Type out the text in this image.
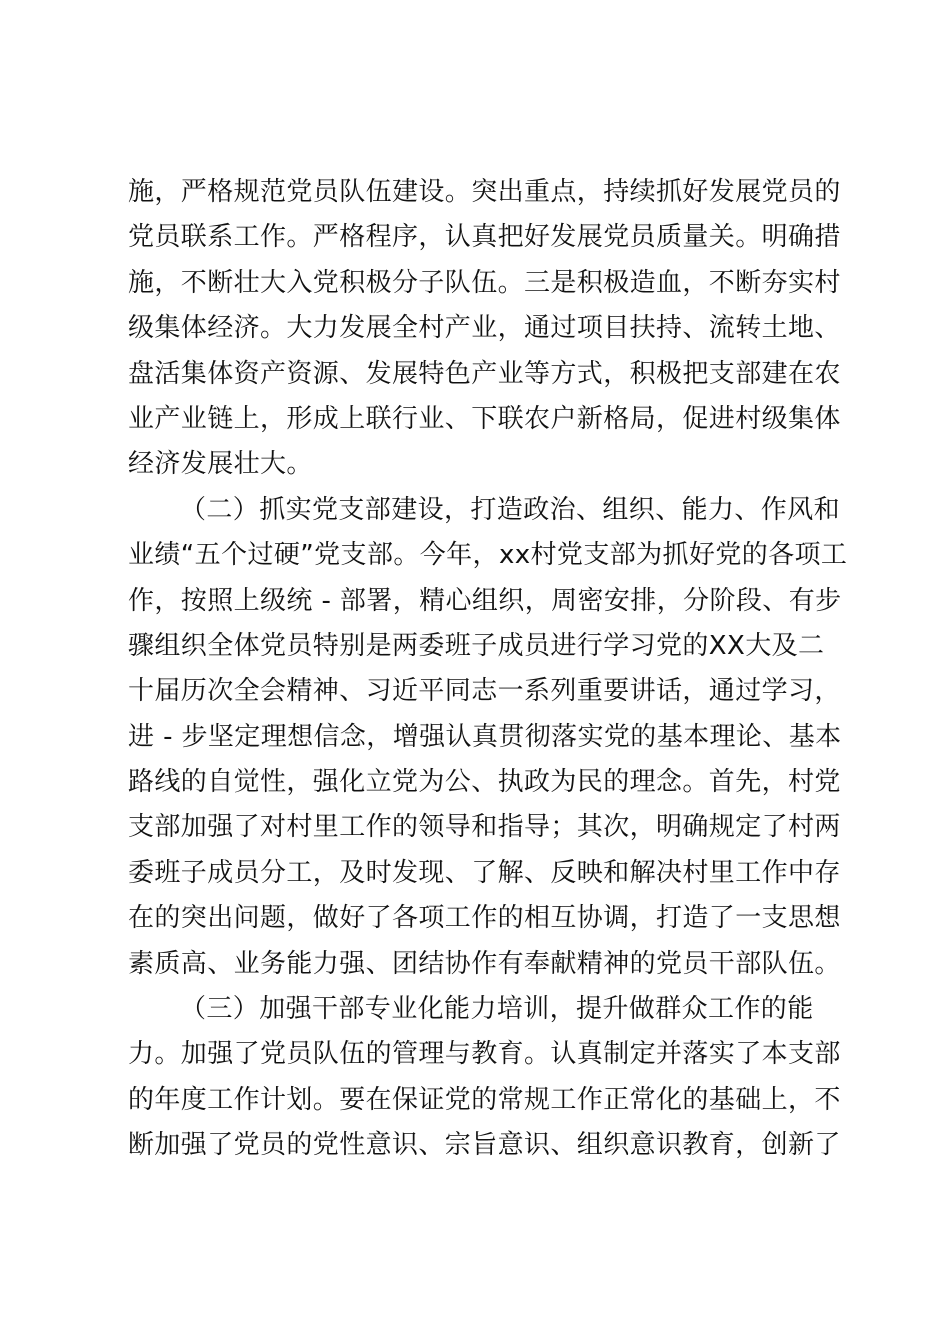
施，严格规范党员队伍建设。突出重点，持续抓好发展党员的
党员联系工作。严格程序，认真把好发展党员质量关。明确措
施，不断壮大入党积极分子队伍。三是积极造血，不断夯实村
级集体经济。大力发展全村产业，通过项目扶持、流转土地、
盘活集体资产资源、发展特色产业等方式，积极把支部建在农
业产业链上，形成上联行业、下联农户新格局，促进村级集体
经济发展壮大。
（二）抓实党支部建设，打造政治、组织、能力、作风和
业绩“五个过硬”党支部。今年，xx村党支部为抓好党的各项工
作，按照上级统 - 部署，精心组织，周密安排，分阶段、有步
骤组织全体党员特别是两委班子成员进行学习党的XX大及二
十届历次全会精神、习近平同志一系列重要讲话，通过学习，
进 - 步坚定理想信念，增强认真贯彻落实党的基本理论、基本
路线的自觉性，强化立党为公、执政为民的理念。首先，村党
支部加强了对村里工作的领导和指导；其次，明确规定了村两
委班子成员分工，及时发现、了解、反映和解决村里工作中存
在的突出问题，做好了各项工作的相互协调，打造了一支思想
素质高、业务能力强、团结协作有奉献精神的党员干部队伍。
（三）加强干部专业化能力培训，提升做群众工作的能
力。加强了党员队伍的管理与教育。认真制定并落实了本支部
的年度工作计划。要在保证党的常规工作正常化的基础上，不
断加强了党员的党性意识、宗旨意识、组织意识教育，创新了
